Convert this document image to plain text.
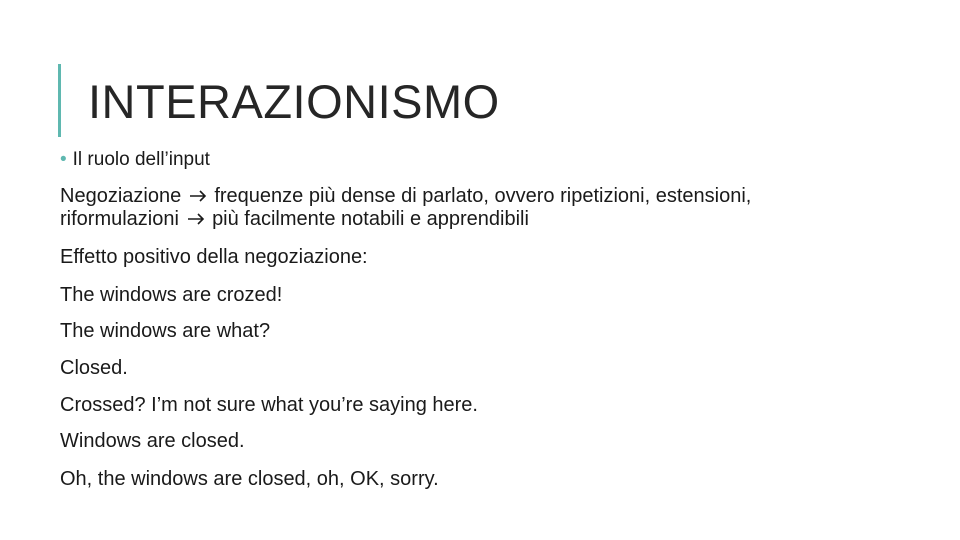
INTERAZIONISMO
• Il ruolo dell’input

Negoziazione frequenze più dense di parlato, ovvero ripetizioni, estensioni,

riformulazioni più facilmente notabili e apprendibili

Effetto positivo della negoziazione:

The windows are crozed!

The windows are what?

Closed.

Crossed? I’m not sure what you’re saying here.

Windows are closed.

Oh, the windows are closed, oh, OK, sorry.
